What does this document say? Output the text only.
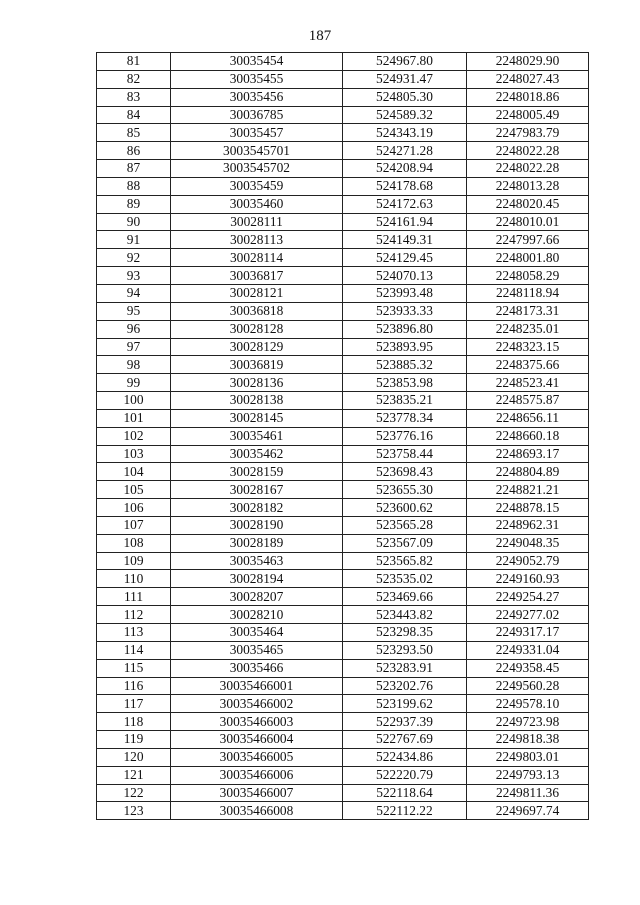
187
81	30035454	524967.80	2248029.90
82	30035455	524931.47	2248027.43
83	30035456	524805.30	2248018.86
84	30036785	524589.32	2248005.49
85	30035457	524343.19	2247983.79
86	3003545701	524271.28	2248022.28
87	3003545702	524208.94	2248022.28
88	30035459	524178.68	2248013.28
89	30035460	524172.63	2248020.45
90	30028111	524161.94	2248010.01
91	30028113	524149.31	2247997.66
92	30028114	524129.45	2248001.80
93	30036817	524070.13	2248058.29
94	30028121	523993.48	2248118.94
95	30036818	523933.33	2248173.31
96	30028128	523896.80	2248235.01
97	30028129	523893.95	2248323.15
98	30036819	523885.32	2248375.66
99	30028136	523853.98	2248523.41
100	30028138	523835.21	2248575.87
101	30028145	523778.34	2248656.11
102	30035461	523776.16	2248660.18
103	30035462	523758.44	2248693.17
104	30028159	523698.43	2248804.89
105	30028167	523655.30	2248821.21
106	30028182	523600.62	2248878.15
107	30028190	523565.28	2248962.31
108	30028189	523567.09	2249048.35
109	30035463	523565.82	2249052.79
110	30028194	523535.02	2249160.93
111	30028207	523469.66	2249254.27
112	30028210	523443.82	2249277.02
113	30035464	523298.35	2249317.17
114	30035465	523293.50	2249331.04
115	30035466	523283.91	2249358.45
116	30035466001	523202.76	2249560.28
117	30035466002	523199.62	2249578.10
118	30035466003	522937.39	2249723.98
119	30035466004	522767.69	2249818.38
120	30035466005	522434.86	2249803.01
121	30035466006	522220.79	2249793.13
122	30035466007	522118.64	2249811.36
123	30035466008	522112.22	2249697.74
